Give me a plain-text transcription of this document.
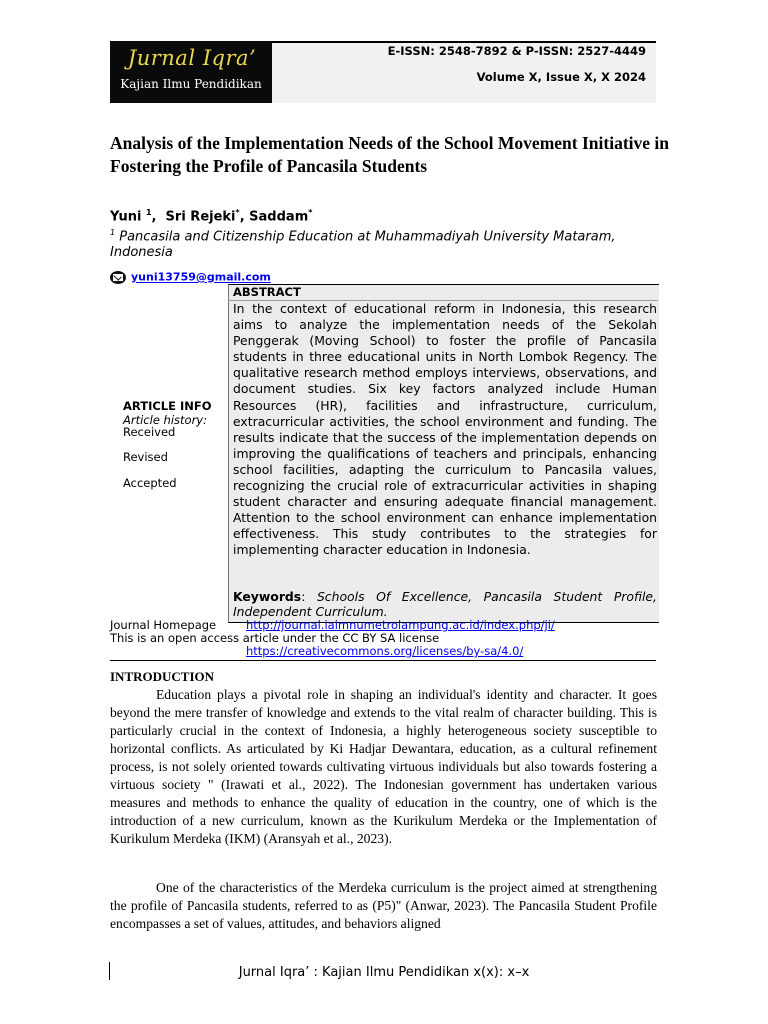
Jurnal Iqra’
Kajian Ilmu Pendidikan
E-ISSN: 2548-7892 & P-ISSN: 2527-4449
Volume X, Issue X, X 2024
Analysis of the Implementation Needs of the School Movement Initiative in Fostering the Profile of Pancasila Students
Yuni $^1$,  Sri Rejeki*, Saddam*
$^1$ Pancasila and Citizenship Education at Muhammadiyah University Mataram, Indonesia
yuni13759@gmail.com
ABSTRACT
In the context of educational reform in Indonesia, this research aims to analyze the implementation needs of the Sekolah Penggerak (Moving School) to foster the profile of Pancasila students in three educational units in North Lombok Regency. The qualitative research method employs interviews, observations, and document studies. Six key factors analyzed include Human Resources (HR), facilities and infrastructure, curriculum, extracurricular activities, the school environment and funding. The results indicate that the success of the implementation depends on improving the qualifications of teachers and principals, enhancing school facilities, adapting the curriculum to Pancasila values, recognizing the crucial role of extracurricular activities in shaping student character and ensuring adequate financial management. Attention to the school environment can enhance implementation effectiveness. This study contributes to the strategies for implementing character education in Indonesia.
Keywords: Schools Of Excellence, Pancasila Student Profile, Independent Curriculum.
ARTICLE INFO
Article history:
Received
Revised
Accepted
Journal Homepage	http://journal.iaimnumetrolampung.ac.id/index.php/ji/
This is an open access article under the CC BY SA license
https://creativecommons.org/licenses/by-sa/4.0/
INTRODUCTION
Education plays a pivotal role in shaping an individual's identity and character. It goes beyond the mere transfer of knowledge and extends to the vital realm of character building. This is particularly crucial in the context of Indonesia, a highly heterogeneous society susceptible to horizontal conflicts. As articulated by Ki Hadjar Dewantara, education, as a cultural refinement process, is not solely oriented towards cultivating virtuous individuals but also towards fostering a virtuous society " (Irawati et al., 2022). The Indonesian government has undertaken various measures and methods to enhance the quality of education in the country, one of which is the introduction of a new curriculum, known as the Kurikulum Merdeka or the Implementation of Kurikulum Merdeka (IKM) (Aransyah et al., 2023).
One of the characteristics of the Merdeka curriculum is the project aimed at strengthening the profile of Pancasila students, referred to as (P5)" (Anwar, 2023). The Pancasila Student Profile encompasses a set of values, attitudes, and behaviors aligned
Jurnal Iqra’ : Kajian Ilmu Pendidikan x(x): x–x
